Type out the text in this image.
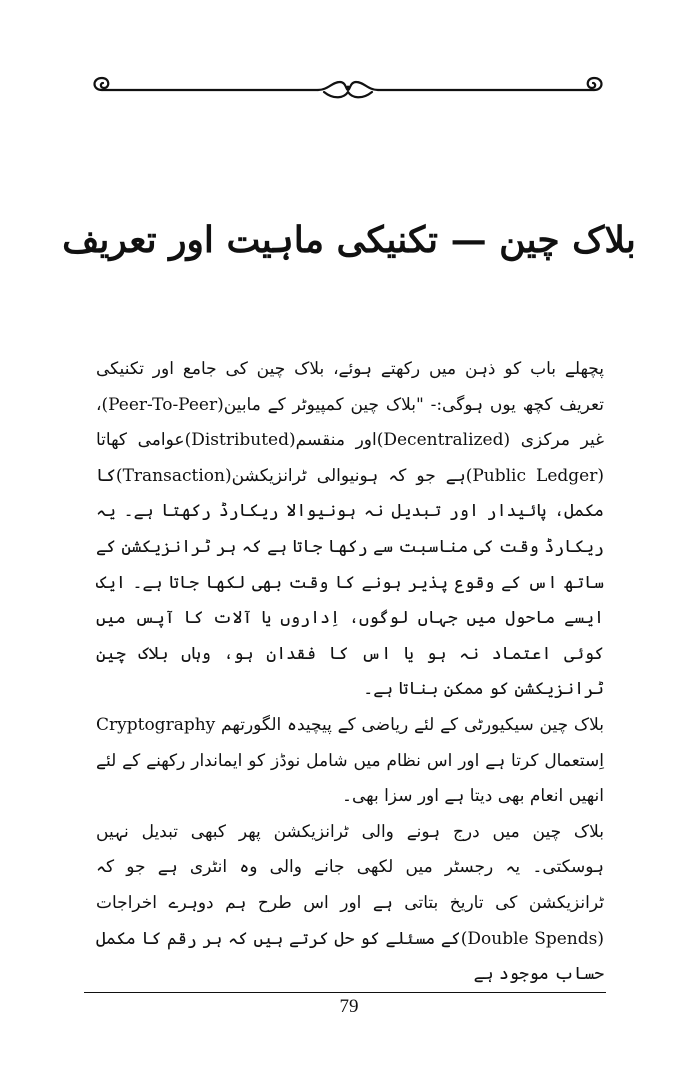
بلاک چین — تکنیکی ماہیت اور تعریف

پچھلے باب کو ذہن میں رکھتے ہوئے، بلاک چین کی جامع اور تکنیکی تعریف کچھ یوں ہوگی:- "بلاک چین کمپیوٹر کے مابین(Peer-To-Peer)، غیر مرکزی (Decentralized)اور منقسم(Distributed)عوامی کھاتا (Public Ledger)ہے جو کہ ہونیوالی ٹرانزیکشن(Transaction)کا مکمل، پائیدار اور تبدیل نہ ہونیوالا ریکارڈ رکھتا ہے۔ یہ ریکارڈ وقت کی مناسبت سے رکھا جاتا ہے کہ ہر ٹرانزیکشن کے ساتھ اس کے وقوع پذیر ہونے کا وقت بھی لکھا جاتا ہے۔ ایک ایسے ماحول میں جہاں لوگوں، اِداروں یا آلات کا آپس میں کوئی اعتماد نہ ہو یا اس کا فقدان ہو، وہاں بلاک چین ٹرانزیکشن کو ممکن بناتا ہے۔

بلاک چین سیکیورٹی کے لئے ریاضی کے پیچیدہ الگورتھم Cryptography اِستعمال کرتا ہے اور اس نظام میں شامل نوڈز کو ایماندار رکھنے کے لئے انھیں انعام بھی دیتا ہے اور سزا بھی۔

بلاک چین میں درج ہونے والی ٹرانزیکشن پھر کبھی تبدیل نہیں ہوسکتی۔ یہ رجسٹر میں لکھی جانے والی وہ انٹری ہے جو کہ ٹرانزیکشن کی تاریخ بتاتی ہے اور اس طرح ہم دوہرے اخراجات (Double Spends)کے مسئلے کو حل کرتے ہیں کہ ہر رقم کا مکمل حساب موجود ہے

79
